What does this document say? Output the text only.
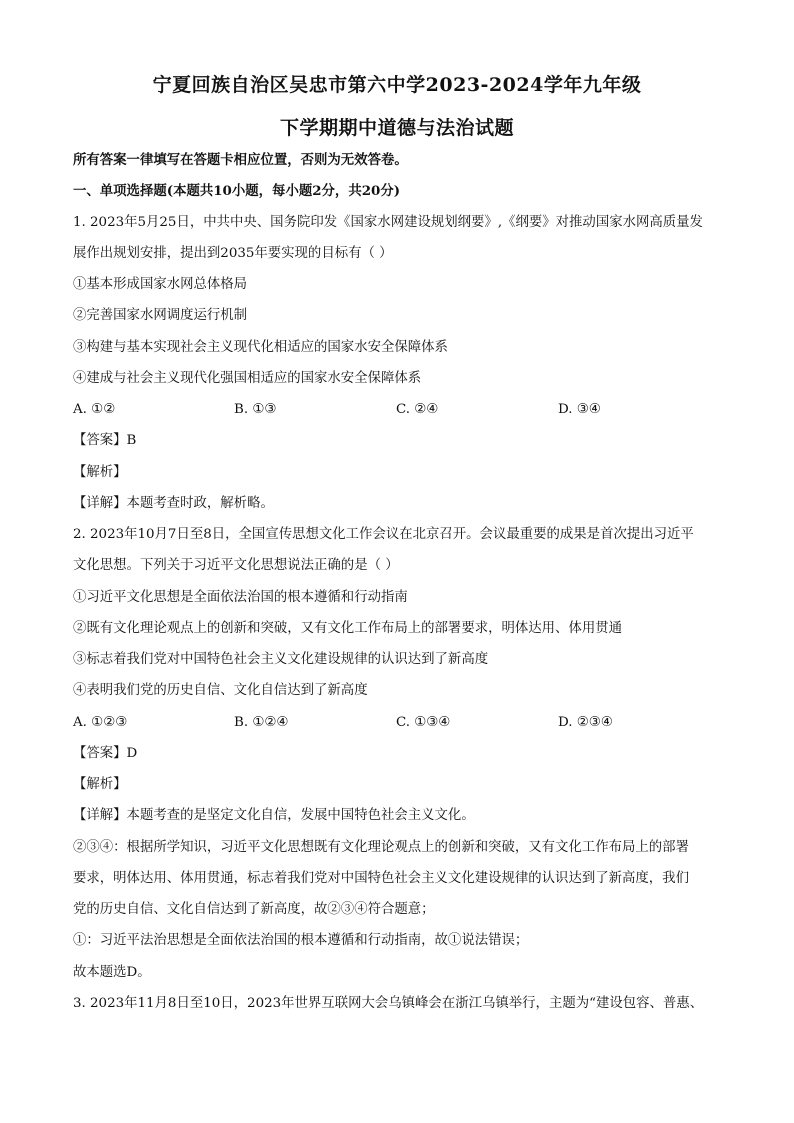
宁夏回族自治区吴忠市第六中学2023-2024学年九年级
下学期期中道德与法治试题
所有答案一律填写在答题卡相应位置，否则为无效答卷。
一、单项选择题(本题共10小题，每小题2分，共20分)
1. 2023年5月25日，中共中央、国务院印发《国家水网建设规划纲要》,《纲要》对推动国家水网高质量发
展作出规划安排，提出到2035年要实现的目标有（ ）
①基本形成国家水网总体格局
②完善国家水网调度运行机制
③构建与基本实现社会主义现代化相适应的国家水安全保障体系
④建成与社会主义现代化强国相适应的国家水安全保障体系
A. ①②	B. ①③	C. ②④	D. ③④
【答案】B
【解析】
【详解】本题考查时政，解析略。
2. 2023年10月7日至8日，全国宣传思想文化工作会议在北京召开。会议最重要的成果是首次提出习近平
文化思想。下列关于习近平文化思想说法正确的是（ ）
①习近平文化思想是全面依法治国的根本遵循和行动指南
②既有文化理论观点上的创新和突破，又有文化工作布局上的部署要求，明体达用、体用贯通
③标志着我们党对中国特色社会主义文化建设规律的认识达到了新高度
④表明我们党的历史自信、文化自信达到了新高度
A. ①②③	B. ①②④	C. ①③④	D. ②③④
【答案】D
【解析】
【详解】本题考查的是坚定文化自信，发展中国特色社会主义文化。
②③④：根据所学知识，习近平文化思想既有文化理论观点上的创新和突破，又有文化工作布局上的部署
要求，明体达用、体用贯通，标志着我们党对中国特色社会主义文化建设规律的认识达到了新高度，我们
党的历史自信、文化自信达到了新高度，故②③④符合题意；
①：习近平法治思想是全面依法治国的根本遵循和行动指南，故①说法错误；
故本题选D。
3. 2023年11月8日至10日，2023年世界互联网大会乌镇峰会在浙江乌镇举行，主题为“建设包容、普惠、
